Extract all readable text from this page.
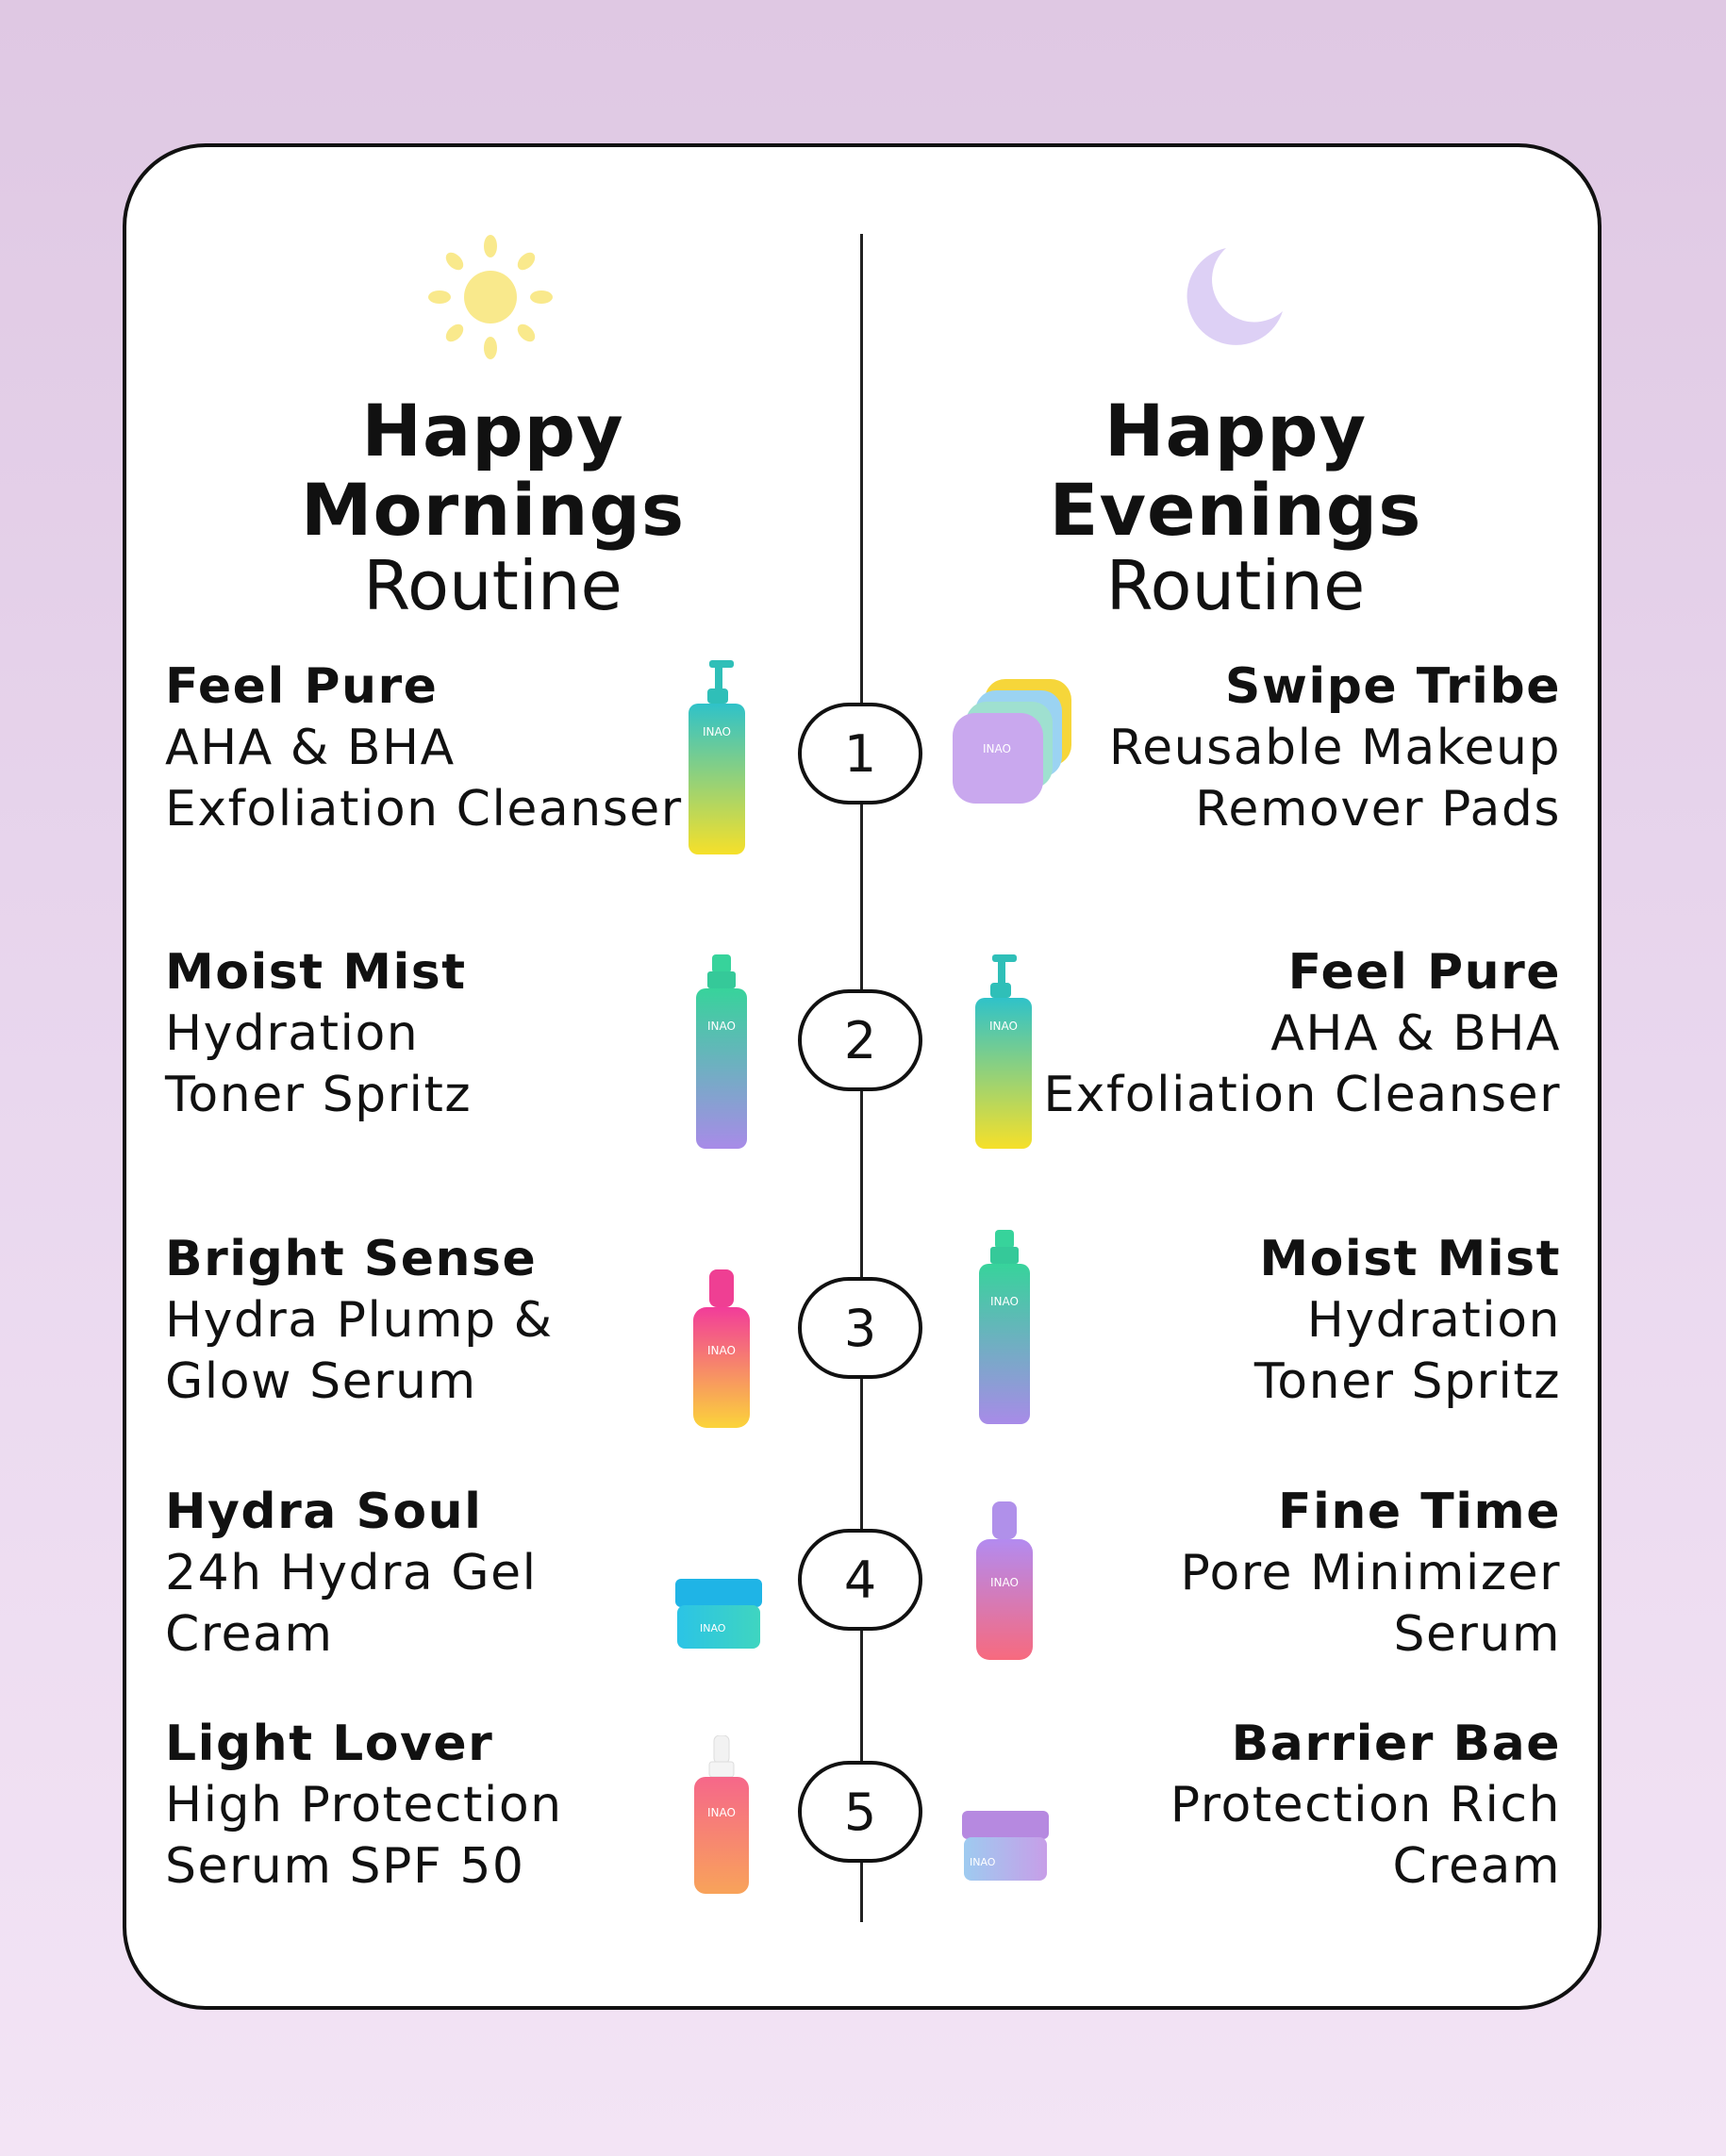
Happy Mornings
Routine
Happy Evenings
Routine
Feel Pure
AHA & BHA
Exfoliation Cleanser
Moist Mist
Hydration
Toner Spritz
Bright Sense
Hydra Plump &
Glow Serum
Hydra Soul
24h Hydra Gel
Cream
Light Lover
High Protection
Serum SPF 50
Swipe Tribe
Reusable Makeup
Remover Pads
Feel Pure
AHA & BHA
Exfoliation Cleanser
Moist Mist
Hydration
Toner Spritz
Fine Time
Pore Minimizer
Serum
Barrier Bae
Protection Rich
Cream
1
2
3
4
5
INAO
INAO
INAO
INAO
INAO
INAO
INAO
INAO
INAO
INAO
